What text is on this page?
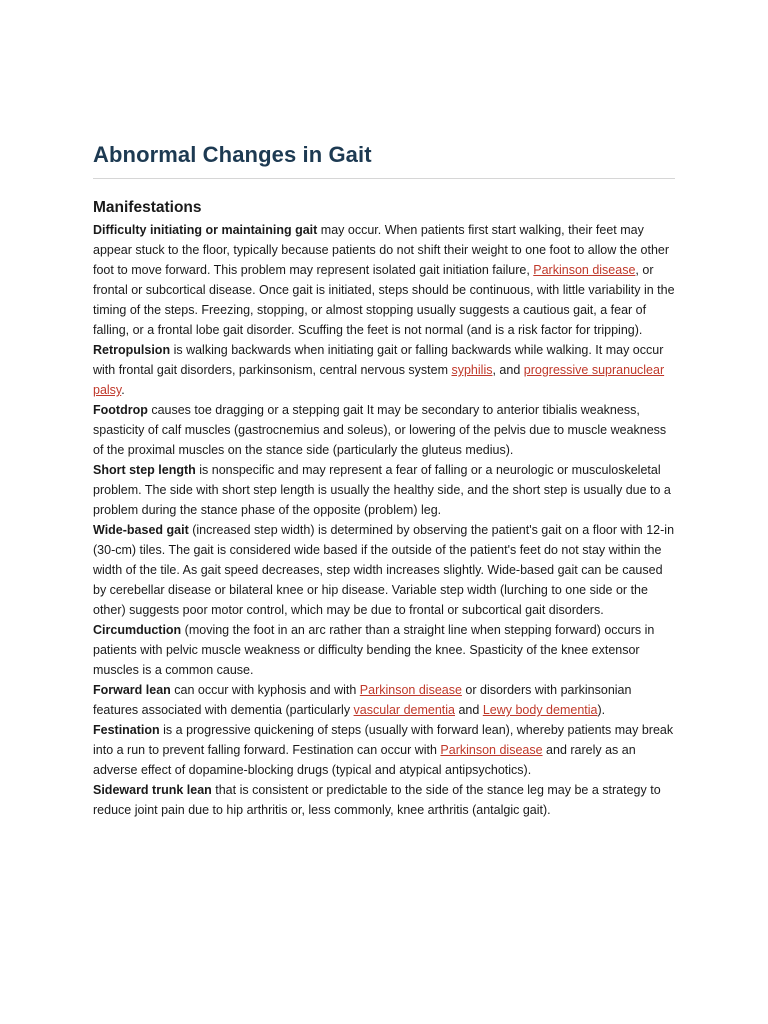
Abnormal Changes in Gait
Manifestations

Difficulty initiating or maintaining gait may occur. When patients first start walking, their feet may appear stuck to the floor, typically because patients do not shift their weight to one foot to allow the other foot to move forward. This problem may represent isolated gait initiation failure, Parkinson disease, or frontal or subcortical disease. Once gait is initiated, steps should be continuous, with little variability in the timing of the steps. Freezing, stopping, or almost stopping usually suggests a cautious gait, a fear of falling, or a frontal lobe gait disorder. Scuffing the feet is not normal (and is a risk factor for tripping).

Retropulsion is walking backwards when initiating gait or falling backwards while walking. It may occur with frontal gait disorders, parkinsonism, central nervous system syphilis, and progressive supranuclear palsy.

Footdrop causes toe dragging or a stepping gait It may be secondary to anterior tibialis weakness, spasticity of calf muscles (gastrocnemius and soleus), or lowering of the pelvis due to muscle weakness of the proximal muscles on the stance side (particularly the gluteus medius).

Short step length is nonspecific and may represent a fear of falling or a neurologic or musculoskeletal problem. The side with short step length is usually the healthy side, and the short step is usually due to a problem during the stance phase of the opposite (problem) leg.

Wide-based gait (increased step width) is determined by observing the patient's gait on a floor with 12-in (30-cm) tiles. The gait is considered wide based if the outside of the patient's feet do not stay within the width of the tile. As gait speed decreases, step width increases slightly. Wide-based gait can be caused by cerebellar disease or bilateral knee or hip disease. Variable step width (lurching to one side or the other) suggests poor motor control, which may be due to frontal or subcortical gait disorders.

Circumduction (moving the foot in an arc rather than a straight line when stepping forward) occurs in patients with pelvic muscle weakness or difficulty bending the knee. Spasticity of the knee extensor muscles is a common cause.

Forward lean can occur with kyphosis and with Parkinson disease or disorders with parkinsonian features associated with dementia (particularly vascular dementia and Lewy body dementia).

Festination is a progressive quickening of steps (usually with forward lean), whereby patients may break into a run to prevent falling forward. Festination can occur with Parkinson disease and rarely as an adverse effect of dopamine-blocking drugs (typical and atypical antipsychotics).

Sideward trunk lean that is consistent or predictable to the side of the stance leg may be a strategy to reduce joint pain due to hip arthritis or, less commonly, knee arthritis (antalgic gait).
